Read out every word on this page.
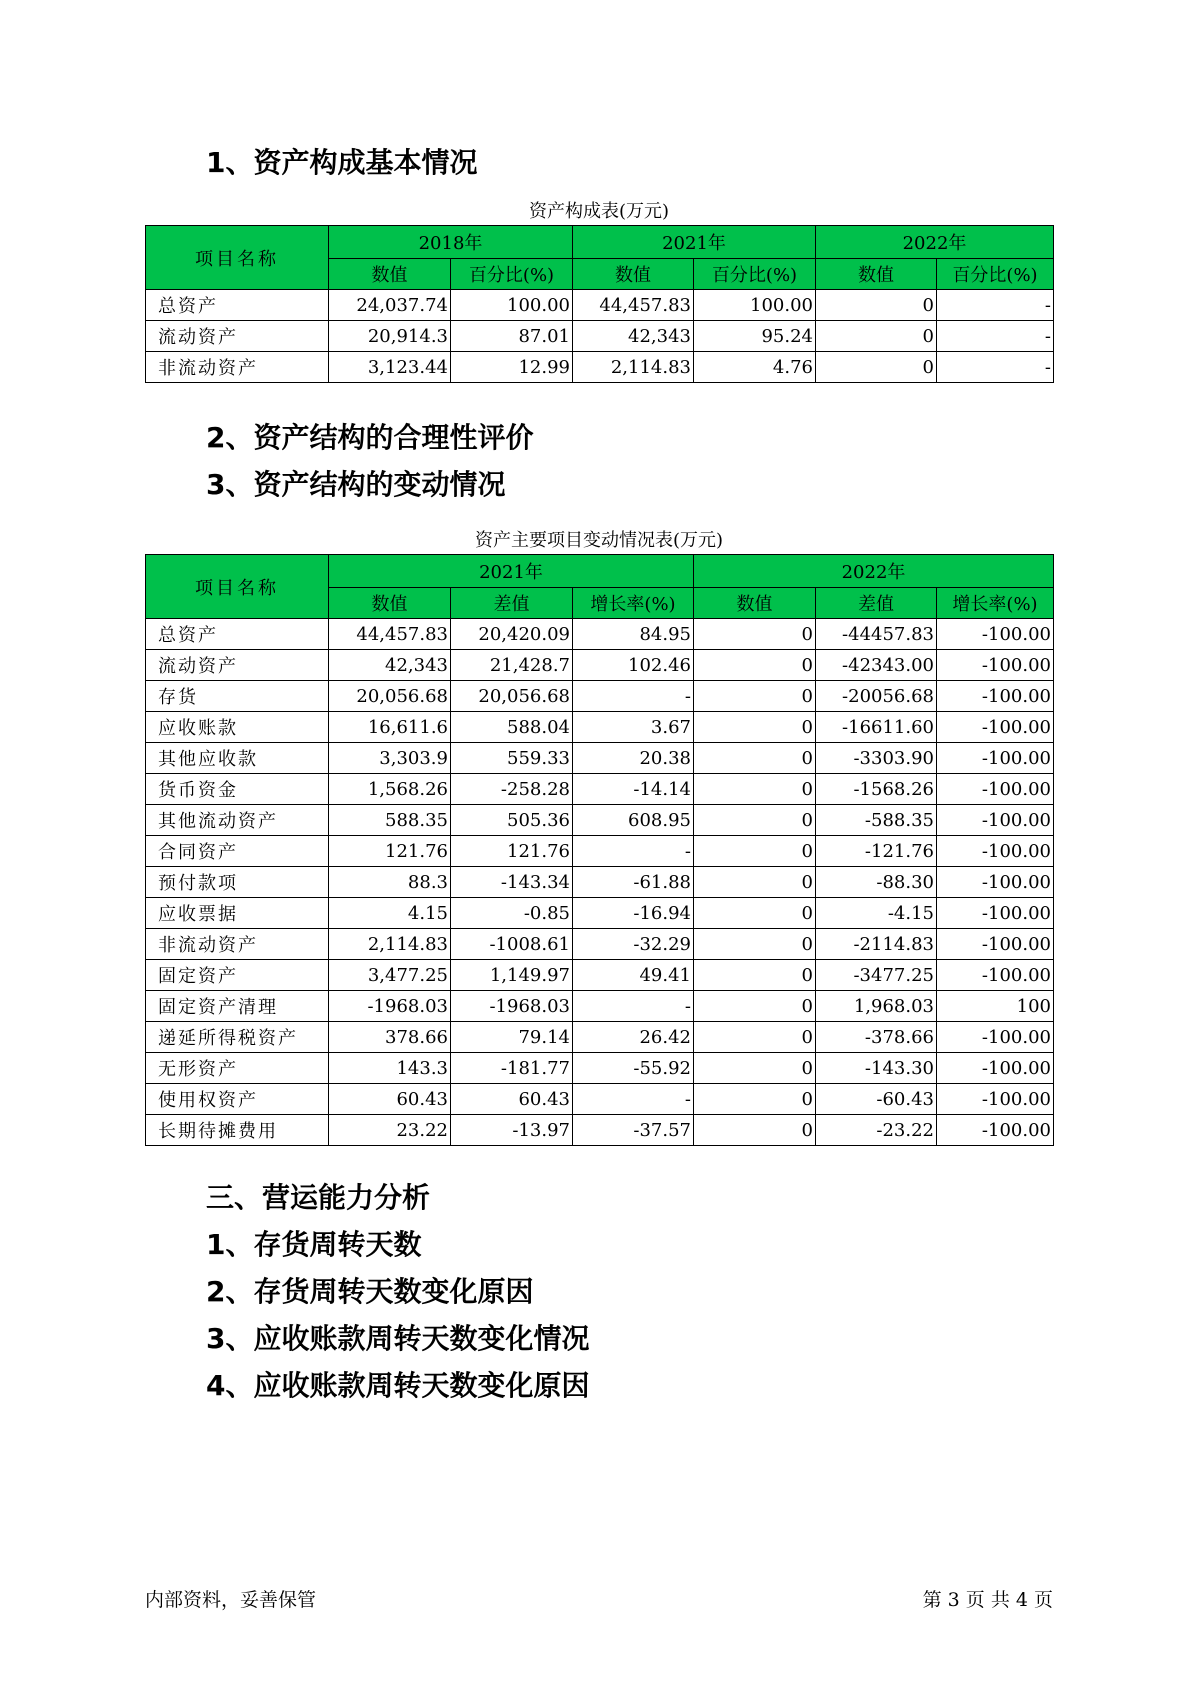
1、资产构成基本情况

资产构成表(万元)

项目名称	2018年		2021年		2022年	
	数值	百分比(%)	数值	百分比(%)	数值	百分比(%)
总资产	24,037.74	100.00	44,457.83	100.00	0	-
流动资产	20,914.3	87.01	42,343	95.24	0	-
非流动资产	3,123.44	12.99	2,114.83	4.76	0	-
2、资产结构的合理性评价
3、资产结构的变动情况

资产主要项目变动情况表(万元)

项目名称	2021年			2022年		
	数值	差值	增长率(%)	数值	差值	增长率(%)
总资产	44,457.83	20,420.09	84.95	0	-44457.83	-100.00
流动资产	42,343	21,428.7	102.46	0	-42343.00	-100.00
存货	20,056.68	20,056.68	-	0	-20056.68	-100.00
应收账款	16,611.6	588.04	3.67	0	-16611.60	-100.00
其他应收款	3,303.9	559.33	20.38	0	-3303.90	-100.00
货币资金	1,568.26	-258.28	-14.14	0	-1568.26	-100.00
其他流动资产	588.35	505.36	608.95	0	-588.35	-100.00
合同资产	121.76	121.76	-	0	-121.76	-100.00
预付款项	88.3	-143.34	-61.88	0	-88.30	-100.00
应收票据	4.15	-0.85	-16.94	0	-4.15	-100.00
非流动资产	2,114.83	-1008.61	-32.29	0	-2114.83	-100.00
固定资产	3,477.25	1,149.97	49.41	0	-3477.25	-100.00
固定资产清理	-1968.03	-1968.03	-	0	1,968.03	100
递延所得税资产	378.66	79.14	26.42	0	-378.66	-100.00
无形资产	143.3	-181.77	-55.92	0	-143.30	-100.00
使用权资产	60.43	60.43	-	0	-60.43	-100.00
长期待摊费用	23.22	-13.97	-37.57	0	-23.22	-100.00
三、营运能力分析
1、存货周转天数
2、存货周转天数变化原因
3、应收账款周转天数变化情况
4、应收账款周转天数变化原因
内部资料，妥善保管	第 3 页 共 4 页
